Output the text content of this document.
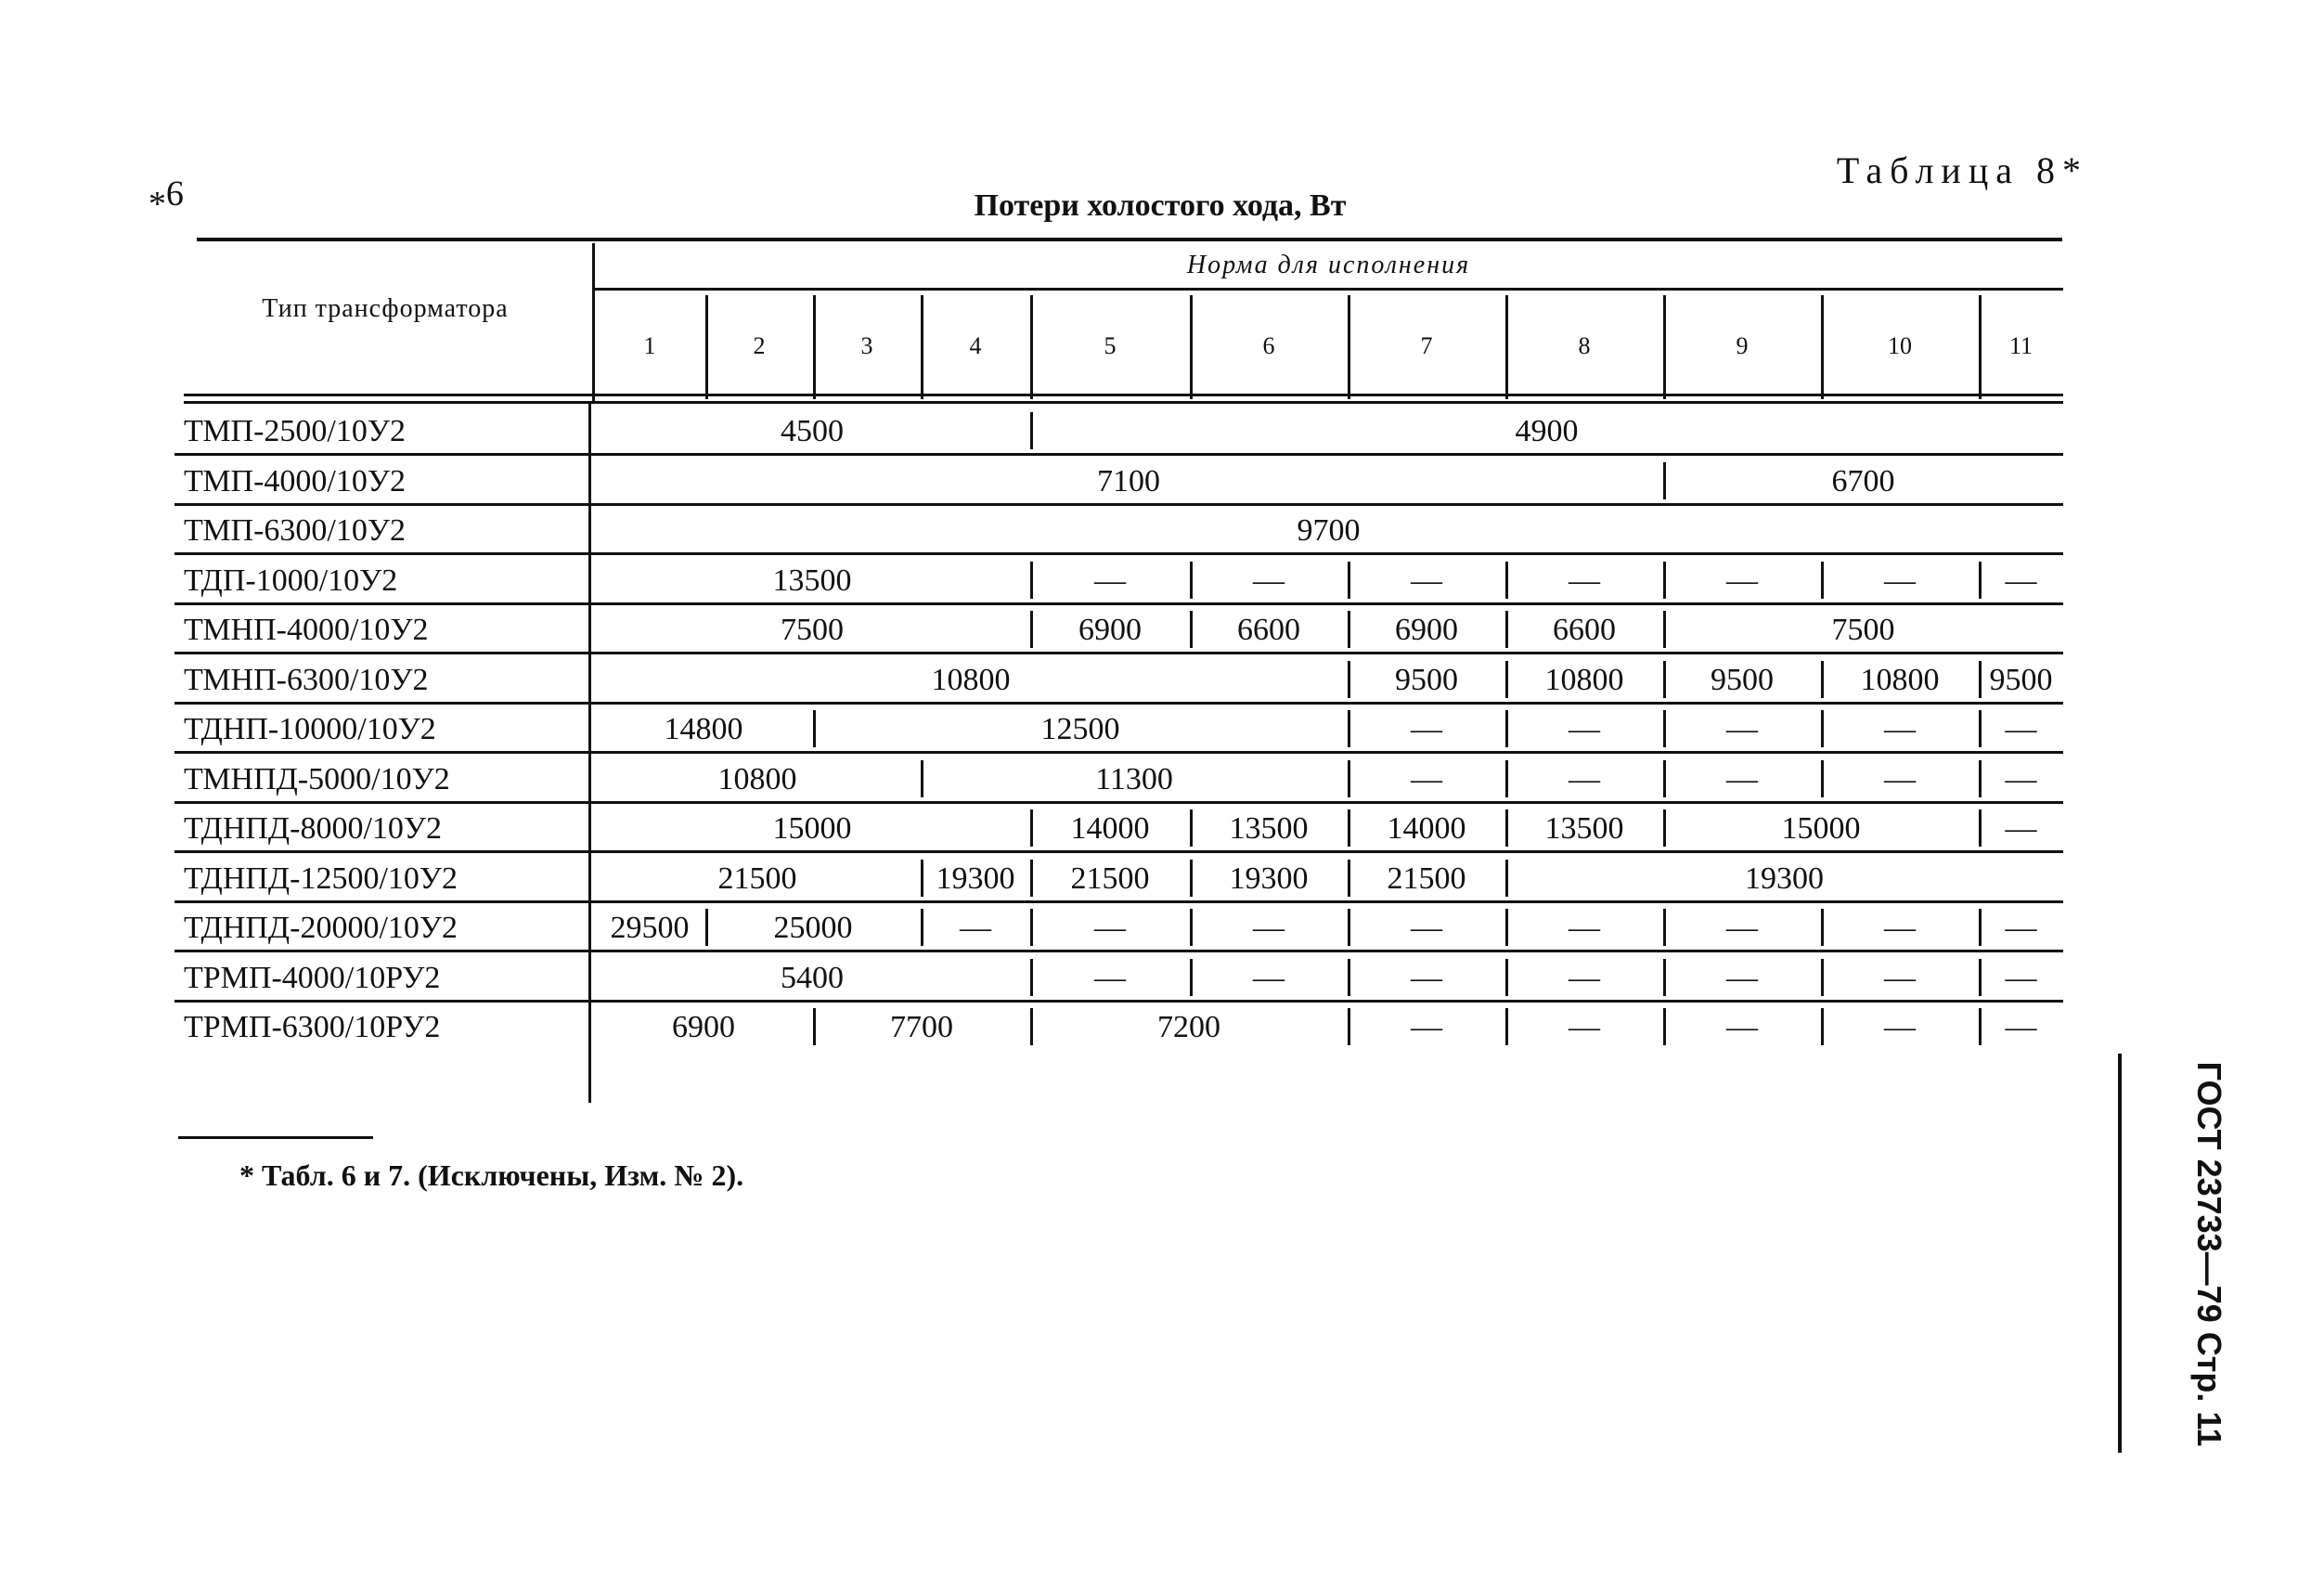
9*
Таблица 8*
Потери холостого хода, Вт
Тип трансформатора
Норма для исполнения
1	2	3	4	5	6	7	8	9	10	11
ТМП-2500/10У2	4500	4900
ТМП-4000/10У2	7100	6700
ТМП-6300/10У2	9700
ТДП-1000/10У2	13500	—	—	—	—	—	—	—
ТМНП-4000/10У2	7500	6900	6600	6900	6600	7500
ТМНП-6300/10У2	10800	9500	10800	9500	10800	9500
ТДНП-10000/10У2	14800	12500	—	—	—	—	—
ТМНПД-5000/10У2	10800	11300	—	—	—	—	—
ТДНПД-8000/10У2	15000	14000	13500	14000	13500	15000	—
ТДНПД-12500/10У2	21500	19300	21500	19300	21500	19300
ТДНПД-20000/10У2	29500	25000	—	—	—	—	—	—	—	—
ТРМП-4000/10РУ2	5400	—	—	—	—	—	—	—
ТРМП-6300/10РУ2	6900	7700	7200	—	—	—	—	—
* Табл. 6 и 7. (Исключены, Изм. № 2).	ГОСТ 23733—79 Стр. 11
